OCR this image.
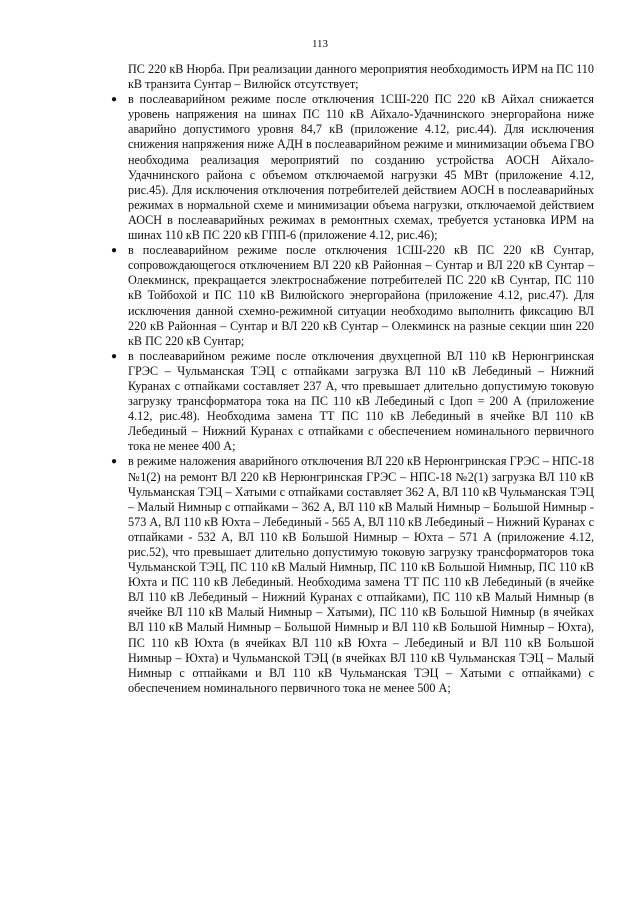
113

ПС 220 кВ Нюрба. При реализации данного мероприятия необходимость ИРМ на ПС 110 кВ транзита Сунтар – Вилюйск отсутствует;

● в послеаварийном режиме после отключения 1СШ-220 ПС 220 кВ Айхал снижается уровень напряжения на шинах ПС 110 кВ Айхало-Удачнинского энергорайона ниже аварийно допустимого уровня 84,7 кВ (приложение 4.12, рис.44). Для исключения снижения напряжения ниже АДН в послеаварийном режиме и минимизации объема ГВО необходима реализация мероприятий по созданию устройства АОСН Айхало-Удачнинского района с объемом отключаемой нагрузки 45 МВт (приложение 4.12, рис.45). Для исключения отключения потребителей действием АОСН в послеаварийных режимах в нормальной схеме и минимизации объема нагрузки, отключаемой действием АОСН в послеаварийных режимах в ремонтных схемах, требуется установка ИРМ на шинах 110 кВ ПС 220 кВ ГПП-6 (приложение 4.12, рис.46);
● в послеаварийном режиме после отключения 1СШ-220 кВ ПС 220 кВ Сунтар, сопровождающегося отключением ВЛ 220 кВ Районная – Сунтар и ВЛ 220 кВ Сунтар – Олекминск, прекращается электроснабжение потребителей ПС 220 кВ Сунтар, ПС 110 кВ Тойбохой и ПС 110 кВ Вилюйского энергорайона (приложение 4.12, рис.47). Для исключения данной схемно-режимной ситуации необходимо выполнить фиксацию ВЛ 220 кВ Районная – Сунтар и ВЛ 220 кВ Сунтар – Олекминск на разные секции шин 220 кВ ПС 220 кВ Сунтар;
● в послеаварийном режиме после отключения двухцепной ВЛ 110 кВ Нерюнгринская ГРЭС – Чульманская ТЭЦ с отпайками загрузка ВЛ 110 кВ Лебединый – Нижний Куранах с отпайками составляет 237 А, что превышает длительно допустимую токовую загрузку трансформатора тока на ПС 110 кВ Лебединый с Iдоп = 200 А (приложение 4.12, рис.48). Необходима замена ТТ ПС 110 кВ Лебединый в ячейке ВЛ 110 кВ Лебединый – Нижний Куранах с отпайками с обеспечением номинального первичного тока не менее 400 А;
● в режиме наложения аварийного отключения ВЛ 220 кВ Нерюнгринская ГРЭС – НПС-18 №1(2) на ремонт ВЛ 220 кВ Нерюнгринская ГРЭС – НПС-18 №2(1) загрузка ВЛ 110 кВ Чульманская ТЭЦ – Хатыми с отпайками составляет 362 А, ВЛ 110 кВ Чульманская ТЭЦ – Малый Нимныр с отпайками – 362 А, ВЛ 110 кВ Малый Нимныр – Большой Нимныр - 573 А, ВЛ 110 кВ Юхта – Лебединый - 565 А, ВЛ 110 кВ Лебединый – Нижний Куранах с отпайками - 532 А, ВЛ 110 кВ Большой Нимныр – Юхта – 571 А (приложение 4.12, рис.52), что превышает длительно допустимую токовую загрузку трансформаторов тока Чульманской ТЭЦ, ПС 110 кВ Малый Нимныр, ПС 110 кВ Большой Нимныр, ПС 110 кВ Юхта и ПС 110 кВ Лебединый. Необходима замена ТТ ПС 110 кВ Лебединый (в ячейке ВЛ 110 кВ Лебединый – Нижний Куранах с отпайками), ПС 110 кВ Малый Нимныр (в ячейке ВЛ 110 кВ Малый Нимныр – Хатыми), ПС 110 кВ Большой Нимныр (в ячейках ВЛ 110 кВ Малый Нимныр – Большой Нимныр и ВЛ 110 кВ Большой Нимныр – Юхта), ПС 110 кВ Юхта (в ячейках ВЛ 110 кВ Юхта – Лебединый и ВЛ 110 кВ Большой Нимныр – Юхта) и Чульманской ТЭЦ (в ячейках ВЛ 110 кВ Чульманская ТЭЦ – Малый Нимныр с отпайками и ВЛ 110 кВ Чульманская ТЭЦ – Хатыми с отпайками) с обеспечением номинального первичного тока не менее 500 А;
